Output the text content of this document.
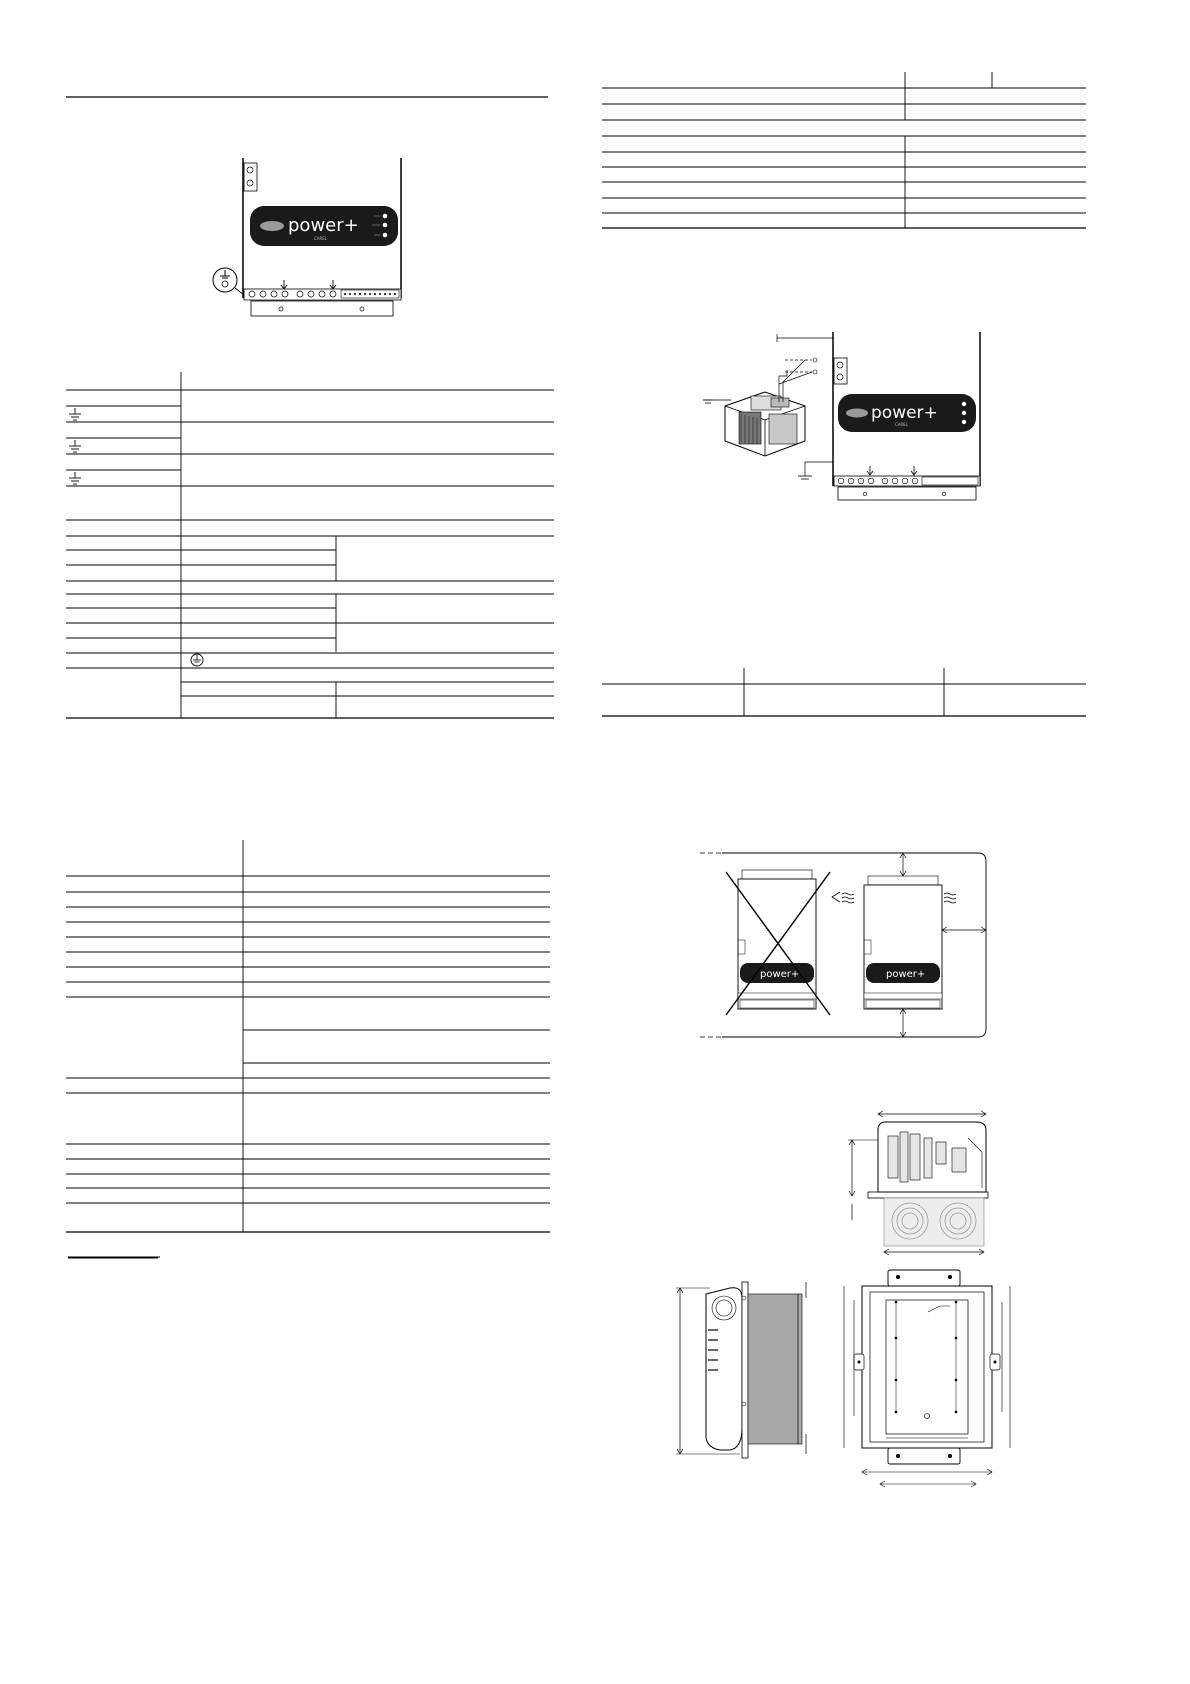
power+
CAREL
power+
CAREL
power+	power+
